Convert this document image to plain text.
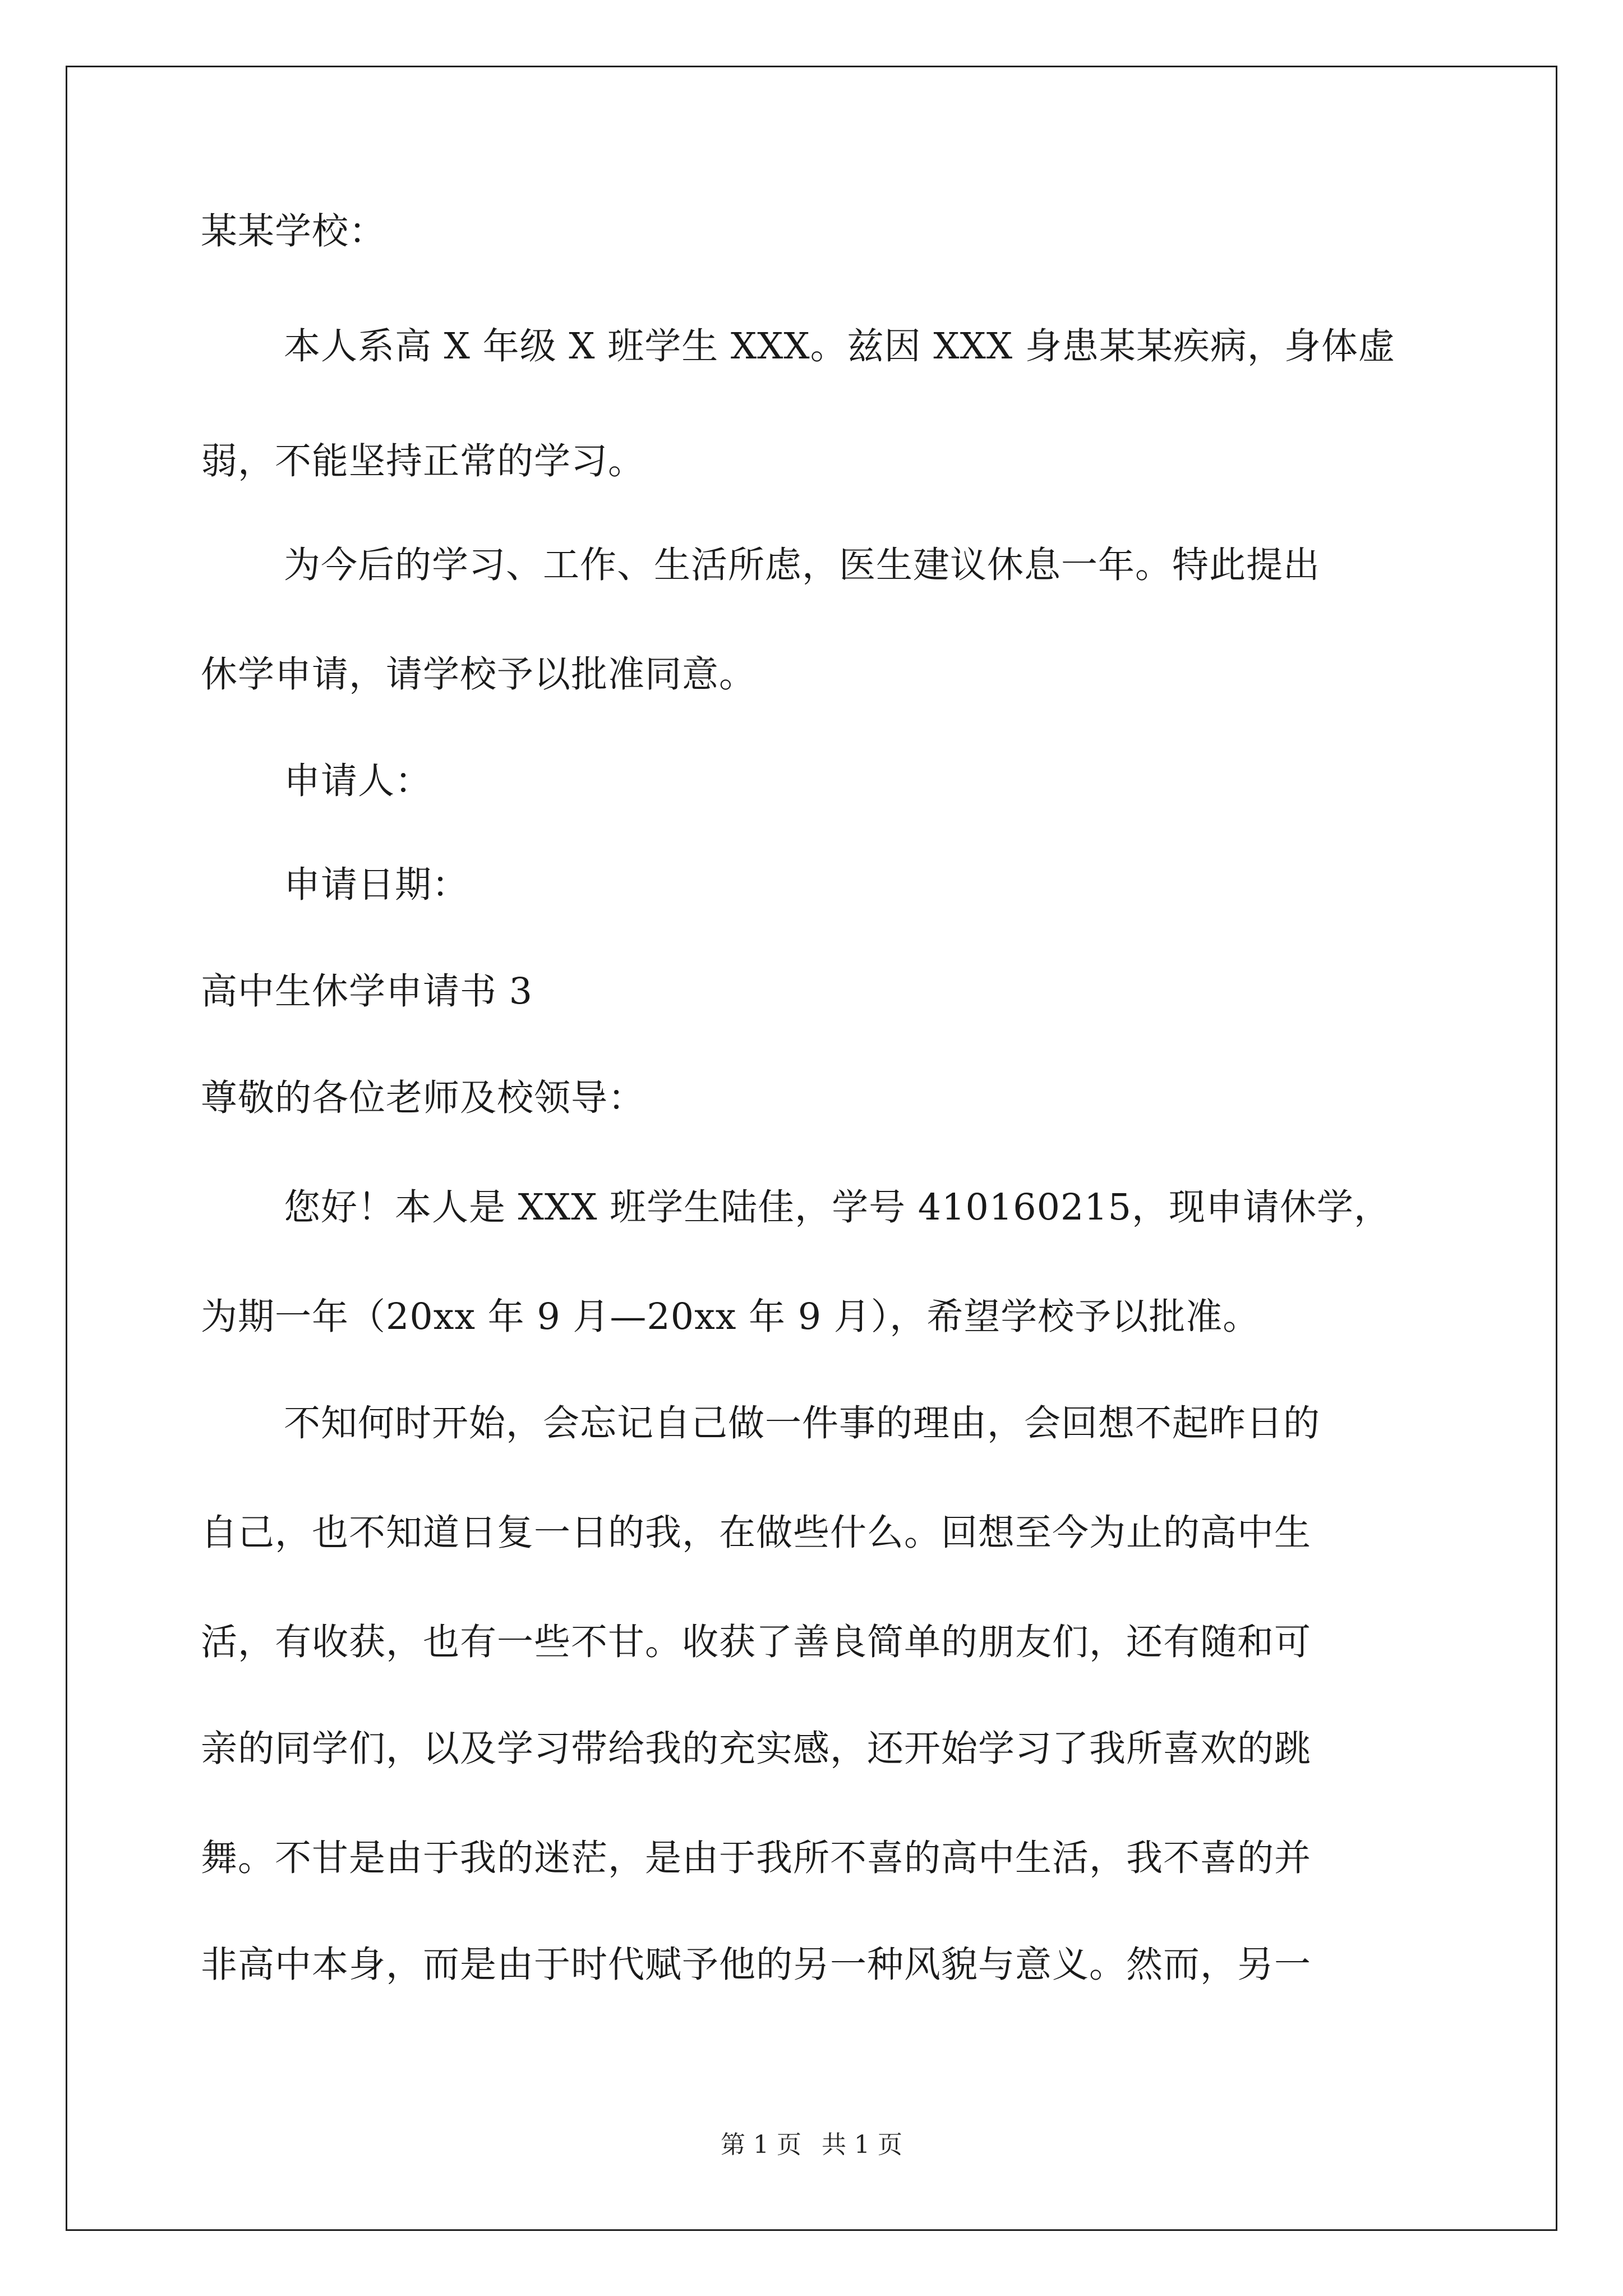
某某学校：
本人系高 X 年级 X 班学生 XXX。兹因 XXX 身患某某疾病，身体虚
弱，不能坚持正常的学习。
为今后的学习、工作、生活所虑，医生建议休息一年。特此提出
休学申请，请学校予以批准同意。
申请人：
申请日期：
高中生休学申请书 3
尊敬的各位老师及校领导：
您好！本人是 XXX 班学生陆佳，学号 410160215，现申请休学，
为期一年（20xx 年 9 月—20xx 年 9 月），希望学校予以批准。
不知何时开始，会忘记自己做一件事的理由，会回想不起昨日的
自己，也不知道日复一日的我，在做些什么。回想至今为止的高中生
活，有收获，也有一些不甘。收获了善良简单的朋友们，还有随和可
亲的同学们，以及学习带给我的充实感，还开始学习了我所喜欢的跳
舞。不甘是由于我的迷茫，是由于我所不喜的高中生活，我不喜的并
非高中本身，而是由于时代赋予他的另一种风貌与意义。然而，另一
第 1 页 共 1 页
